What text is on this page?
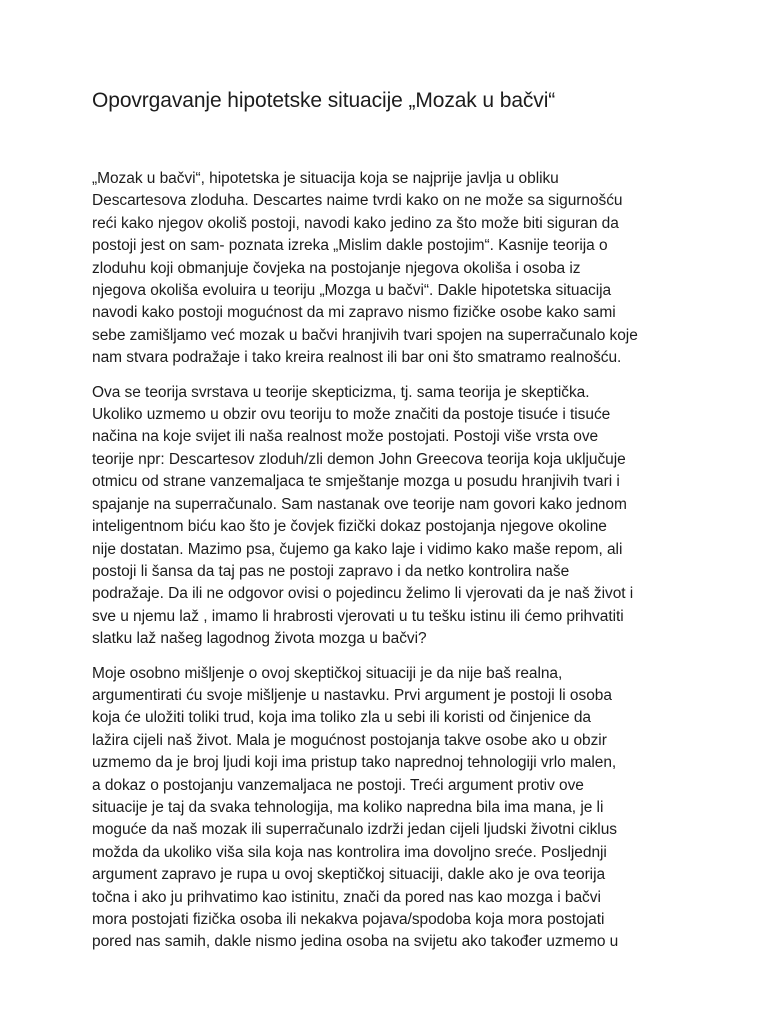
Opovrgavanje hipotetske situacije „Mozak u bačvi“
„Mozak u bačvi“, hipotetska je situacija koja se najprije javlja u obliku
Descartesova zloduha. Descartes naime tvrdi kako on ne može sa sigurnošću
reći kako njegov okoliš postoji, navodi kako jedino za što može biti siguran da
postoji jest on sam- poznata izreka „Mislim dakle postojim“. Kasnije teorija o
zloduhu koji obmanjuje čovjeka na postojanje njegova okoliša i osoba iz
njegova okoliša evoluira u teoriju „Mozga u bačvi“. Dakle hipotetska situacija
navodi kako postoji mogućnost da mi zapravo nismo fizičke osobe kako sami
sebe zamišljamo već mozak u bačvi hranjivih tvari spojen na superračunalo koje
nam stvara podražaje i tako kreira realnost ili bar oni što smatramo realnošću.
Ova se teorija svrstava u teorije skepticizma, tj. sama teorija je skeptička.
Ukoliko uzmemo u obzir ovu teoriju to može značiti da postoje tisuće i tisuće
načina na koje svijet ili naša realnost može postojati. Postoji više vrsta ove
teorije npr: Descartesov zloduh/zli demon John Greecova teorija koja uključuje
otmicu od strane vanzemaljaca te smještanje mozga u posudu hranjivih tvari i
spajanje na superračunalo. Sam nastanak ove teorije nam govori kako jednom
inteligentnom biću kao što je čovjek fizički dokaz postojanja njegove okoline
nije dostatan. Mazimo psa, čujemo ga kako laje i vidimo kako maše repom, ali
postoji li šansa da taj pas ne postoji zapravo i da netko kontrolira naše
podražaje. Da ili ne odgovor ovisi o pojedincu želimo li vjerovati da je naš život i
sve u njemu laž , imamo li hrabrosti vjerovati u tu tešku istinu ili ćemo prihvatiti
slatku laž našeg lagodnog života mozga u bačvi?
Moje osobno mišljenje o ovoj skeptičkoj situaciji je da nije baš realna,
argumentirati ću svoje mišljenje u nastavku. Prvi argument je postoji li osoba
koja će uložiti toliki trud, koja ima toliko zla u sebi ili koristi od činjenice da
lažira cijeli naš život. Mala je mogućnost postojanja takve osobe ako u obzir
uzmemo da je broj ljudi koji ima pristup tako naprednoj tehnologiji vrlo malen,
a dokaz o postojanju vanzemaljaca ne postoji. Treći argument protiv ove
situacije je taj da svaka tehnologija, ma koliko napredna bila ima mana, je li
moguće da naš mozak ili superračunalo izdrži jedan cijeli ljudski životni ciklus
možda da ukoliko viša sila koja nas kontrolira ima dovoljno sreće. Posljednji
argument zapravo je rupa u ovoj skeptičkoj situaciji, dakle ako je ova teorija
točna i ako ju prihvatimo kao istinitu, znači da pored nas kao mozga i bačvi
mora postojati fizička osoba ili nekakva pojava/spodoba koja mora postojati
pored nas samih, dakle nismo jedina osoba na svijetu ako također uzmemo u
